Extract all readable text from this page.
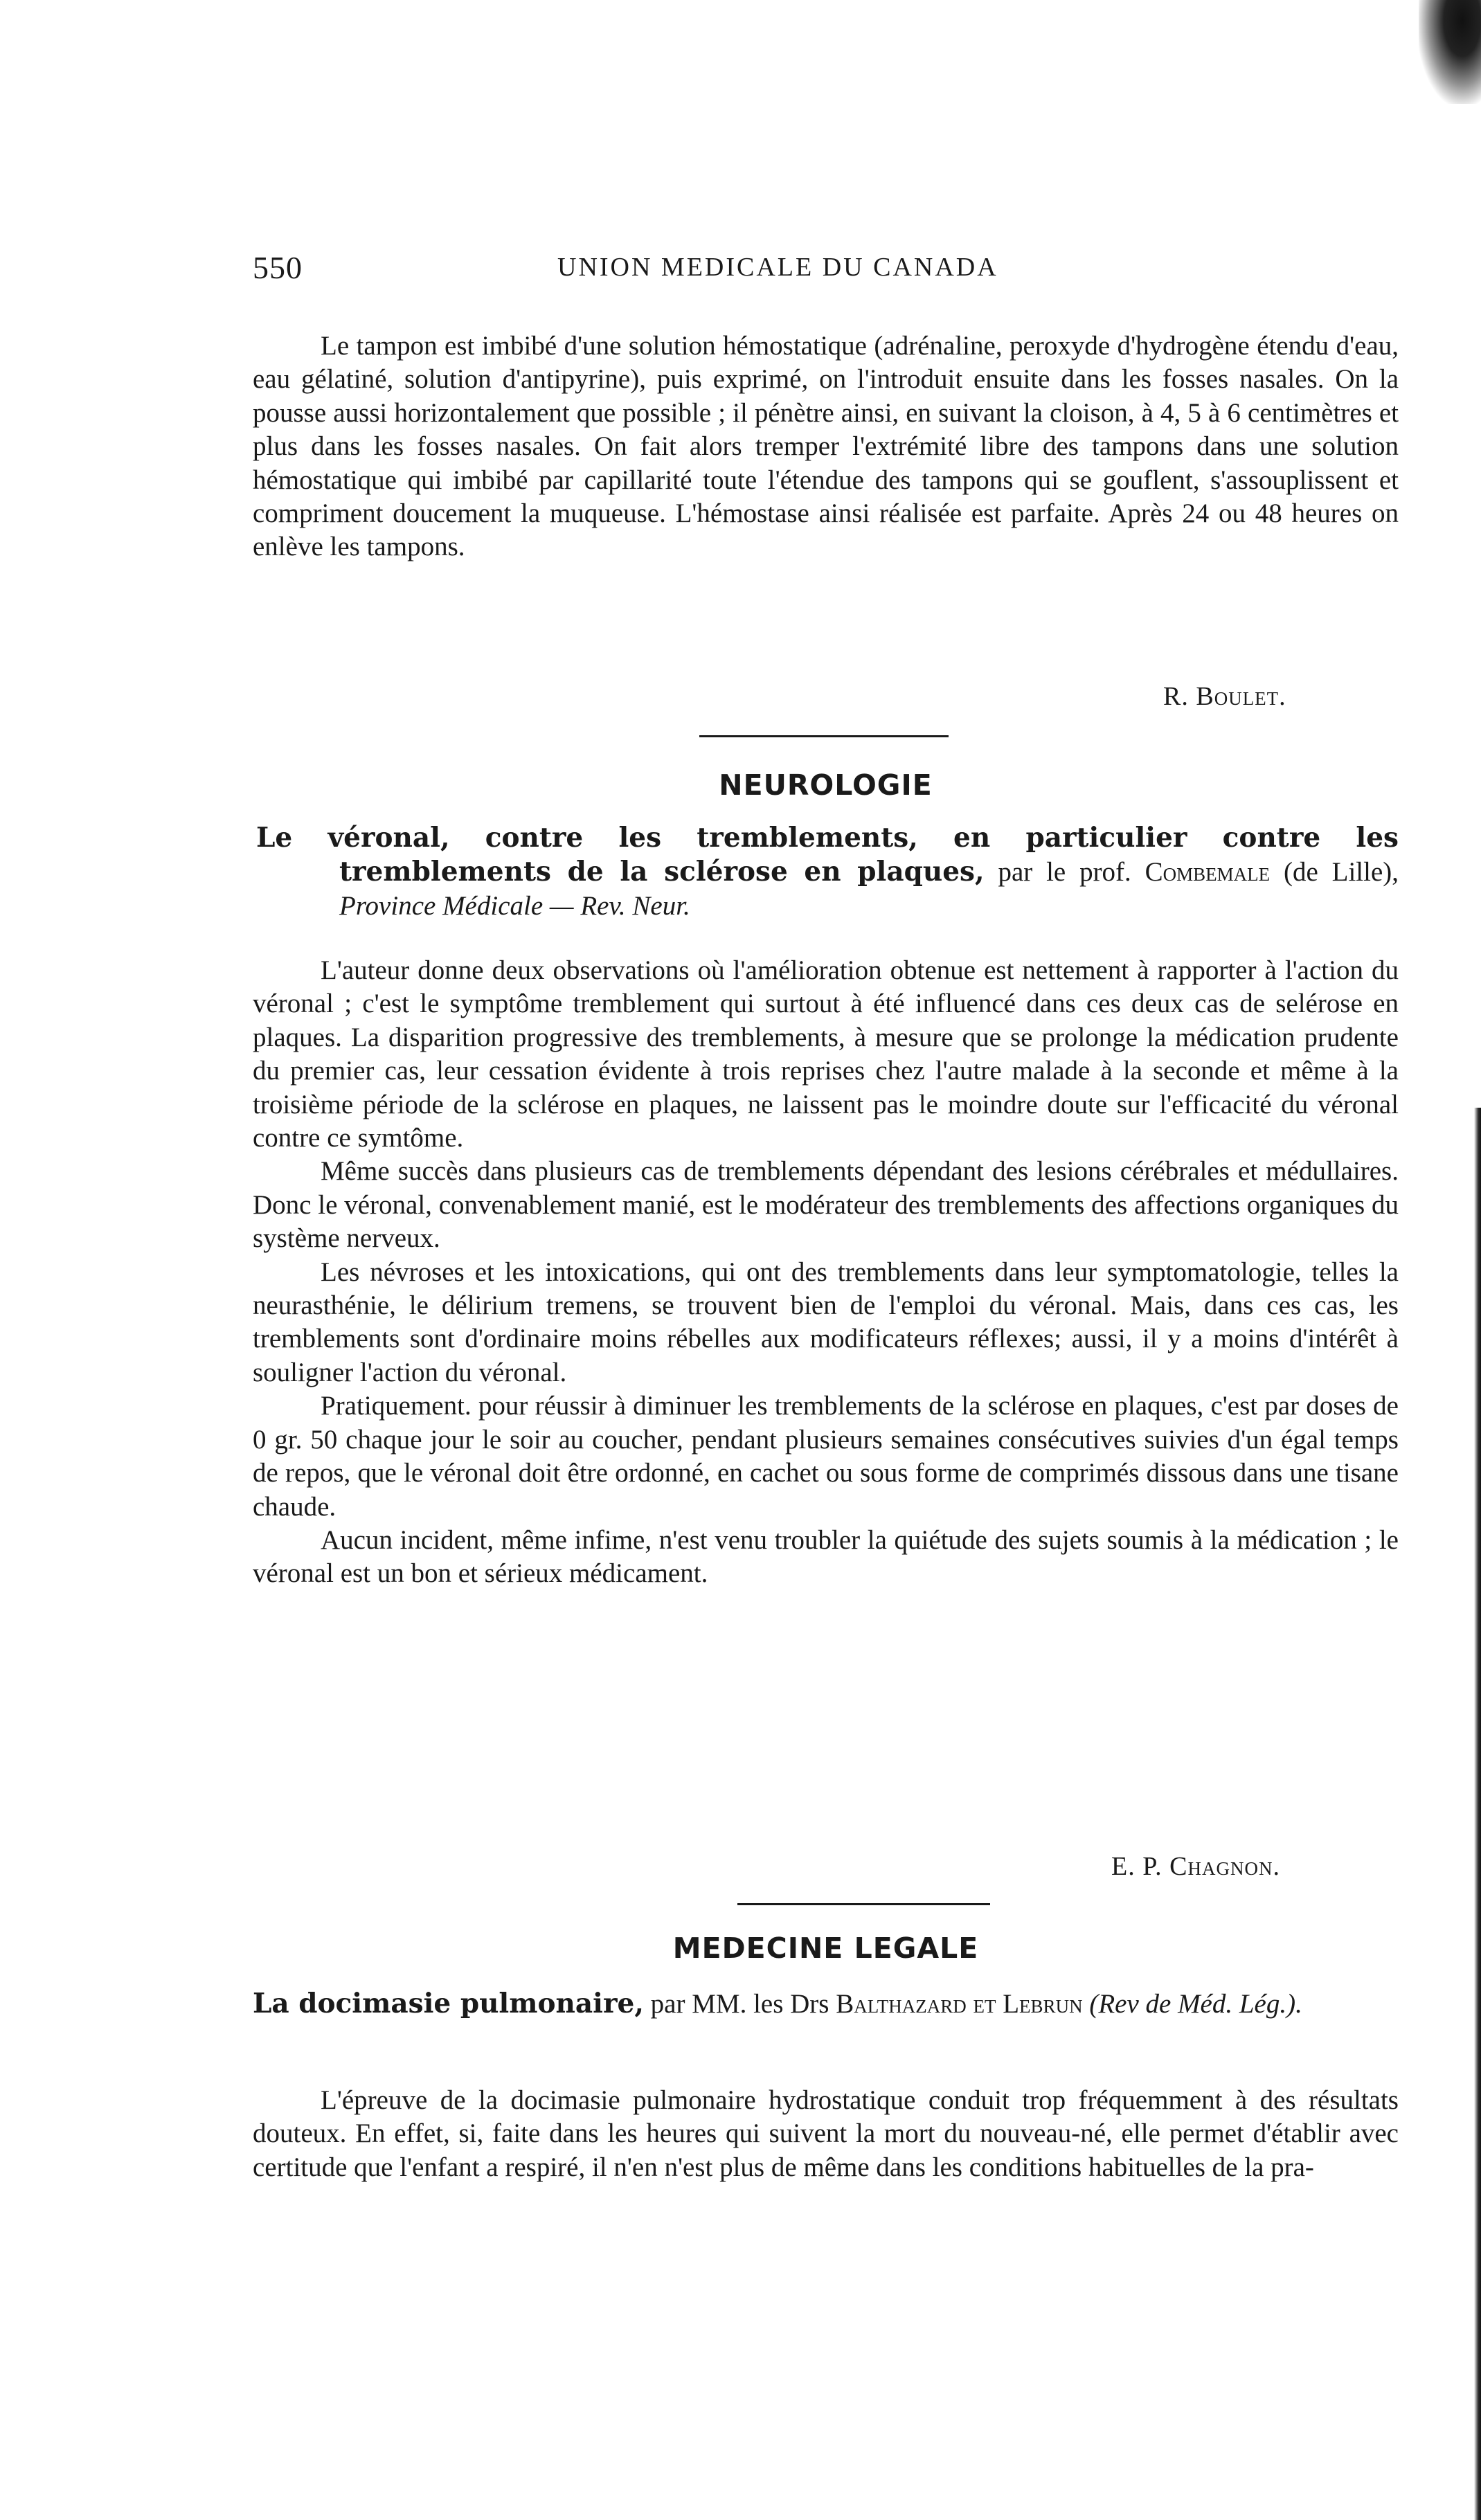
550	UNION MEDICALE DU CANADA

Le tampon est imbibé d'une solution hémostatique (adrénaline, peroxyde d'hydrogène étendu d'eau, eau gélatiné, solution d'antipyrine), puis exprimé, on l'introduit ensuite dans les fosses nasales. On la pousse aussi horizontalement que possible ; il pénètre ainsi, en suivant la cloison, à 4, 5 à 6 centimètres et plus dans les fosses nasales. On fait alors tremper l'extrémité libre des tampons dans une solution hémostatique qui imbibé par capillarité toute l'étendue des tampons qui se gouflent, s'assouplissent et compriment doucement la muqueuse. L'hémostase ainsi réalisée est parfaite. Après 24 ou 48 heures on enlève les tampons.

R. Boulet.
NEUROLOGIE
Le véronal, contre les tremblements, en particulier contre les tremblements de la sclérose en plaques, par le prof. Combemale (de Lille), Province Médicale — Rev. Neur.

L'auteur donne deux observations où l'amélioration obtenue est nettement à rapporter à l'action du véronal ; c'est le symptôme tremblement qui surtout à été influencé dans ces deux cas de selérose en plaques. La disparition progressive des tremblements, à mesure que se prolonge la médication prudente du premier cas, leur cessation évidente à trois reprises chez l'autre malade à la seconde et même à la troisième période de la sclérose en plaques, ne laissent pas le moindre doute sur l'efficacité du véronal contre ce symtôme.

Même succès dans plusieurs cas de tremblements dépendant des lesions cérébrales et médullaires. Donc le véronal, convenablement manié, est le modérateur des tremblements des affections organiques du système nerveux.

Les névroses et les intoxications, qui ont des tremblements dans leur symptomatologie, telles la neurasthénie, le délirium tremens, se trouvent bien de l'emploi du véronal. Mais, dans ces cas, les tremblements sont d'ordinaire moins rébelles aux modificateurs réflexes; aussi, il y a moins d'intérêt à souligner l'action du véronal.

Pratiquement. pour réussir à diminuer les tremblements de la sclérose en plaques, c'est par doses de 0 gr. 50 chaque jour le soir au coucher, pendant plusieurs semaines consécutives suivies d'un égal temps de repos, que le véronal doit être ordonné, en cachet ou sous forme de comprimés dissous dans une tisane chaude.

Aucun incident, même infime, n'est venu troubler la quiétude des sujets soumis à la médication ; le véronal est un bon et sérieux médicament.

E. P. Chagnon.
MEDECINE LEGALE
La docimasie pulmonaire, par MM. les Drs Balthazard et Lebrun (Rev de Méd. Lég.).

L'épreuve de la docimasie pulmonaire hydrostatique conduit trop fréquemment à des résultats douteux. En effet, si, faite dans les heures qui suivent la mort du nouveau-né, elle permet d'établir avec certitude que l'enfant a respiré, il n'en n'est plus de même dans les conditions habituelles de la pra-
